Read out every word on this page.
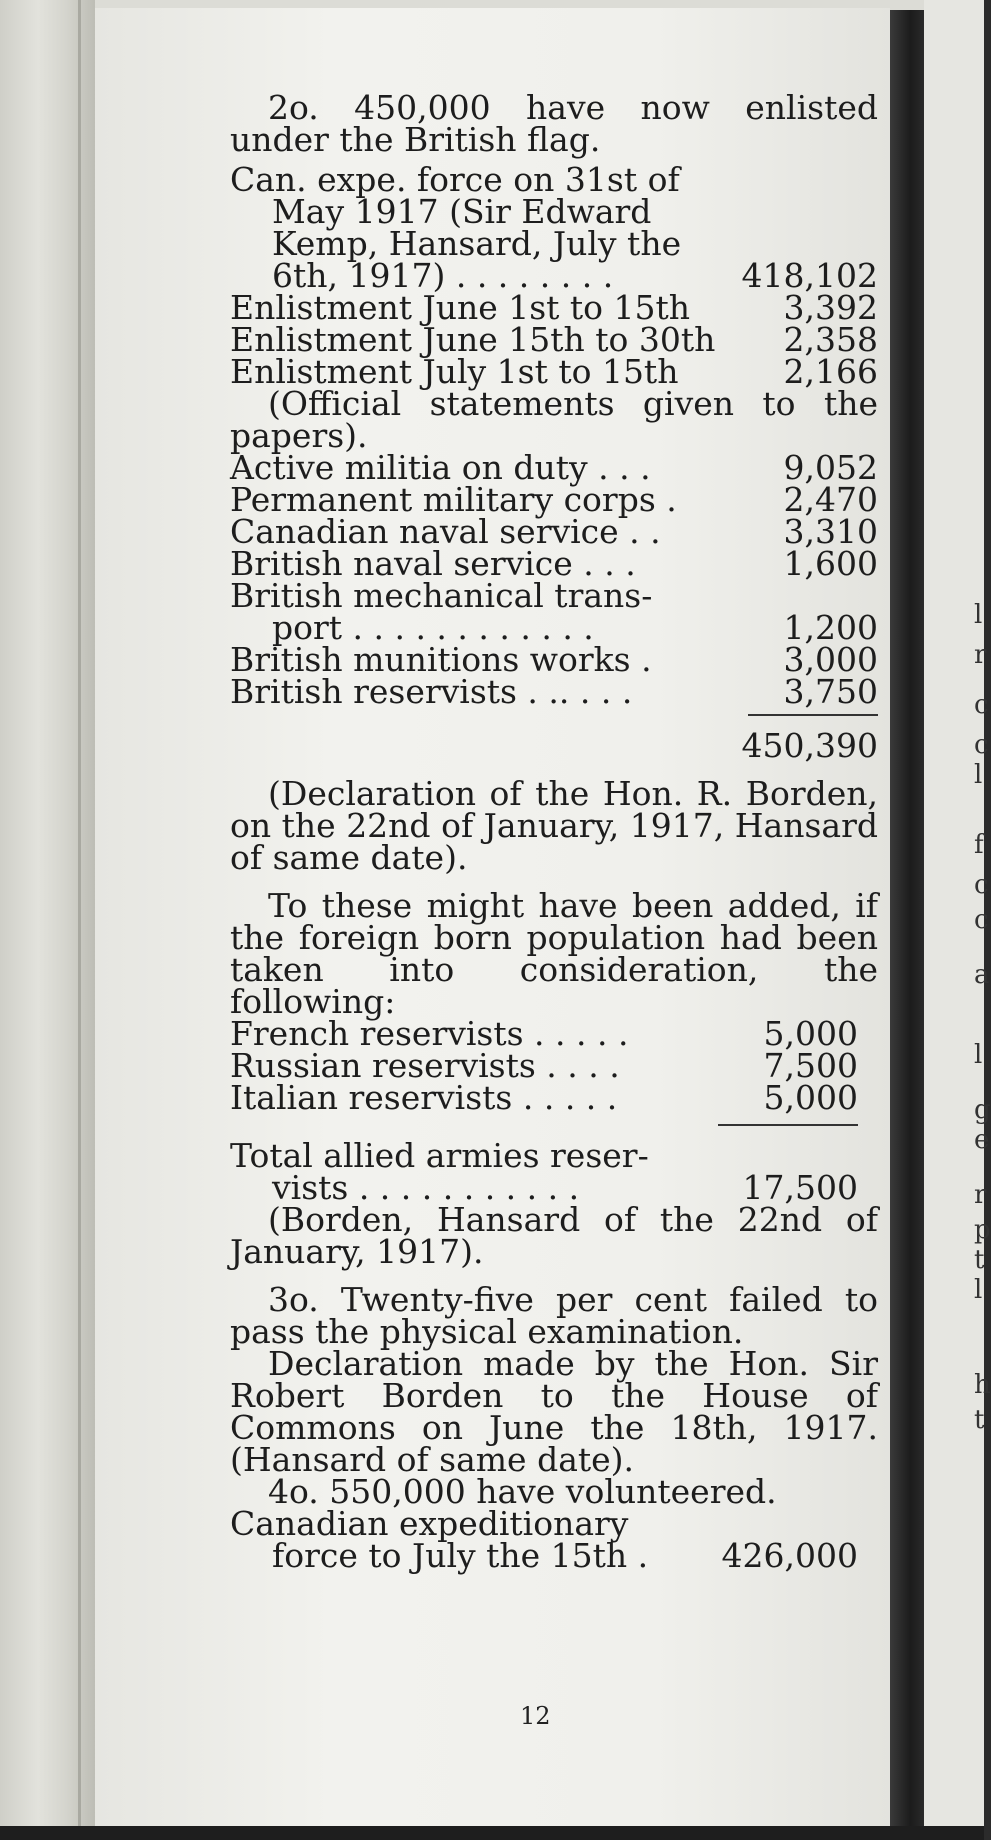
l
r
c
c
l
f
c
c
a
l
g
e
r
p
t
l
h
t

2o. 450,000 have now enlisted under the British flag.

Can. expe. force on 31st of

May 1917 (Sir Edward

Kemp, Hansard, July the

6th, 1917) . . . . . . . .	418,102
Enlistment June 1st to 15th	3,392
Enlistment June 15th to 30th	2,358
Enlistment July 1st to 15th	2,166

(Official statements given to the papers).

Active militia on duty . . .	9,052
Permanent military corps .	2,470
Canadian naval service . .	3,310
British naval service . . .	1,600

British mechanical trans-

port . . . . . . . . . . . .	1,200
British munitions works .	3,000
British reservists . .. . . .	3,750
450,390

(Declaration of the Hon. R. Borden, on the 22nd of January, 1917, Hansard of same date).

To these might have been added, if the foreign born population had been taken into consideration, the following:

French reservists . . . . .	5,000
Russian reservists . . . .	7,500
Italian reservists . . . . .	5,000

Total allied armies reser-

vists . . . . . . . . . . .	17,500

(Borden, Hansard of the 22nd of January, 1917).

3o. Twenty-five per cent failed to pass the physical examination.

Declaration made by the Hon. Sir Robert Borden to the House of Commons on June the 18th, 1917. (Hansard of same date).

4o. 550,000 have volunteered.

Canadian expeditionary

force to July the 15th . 426,000
12
